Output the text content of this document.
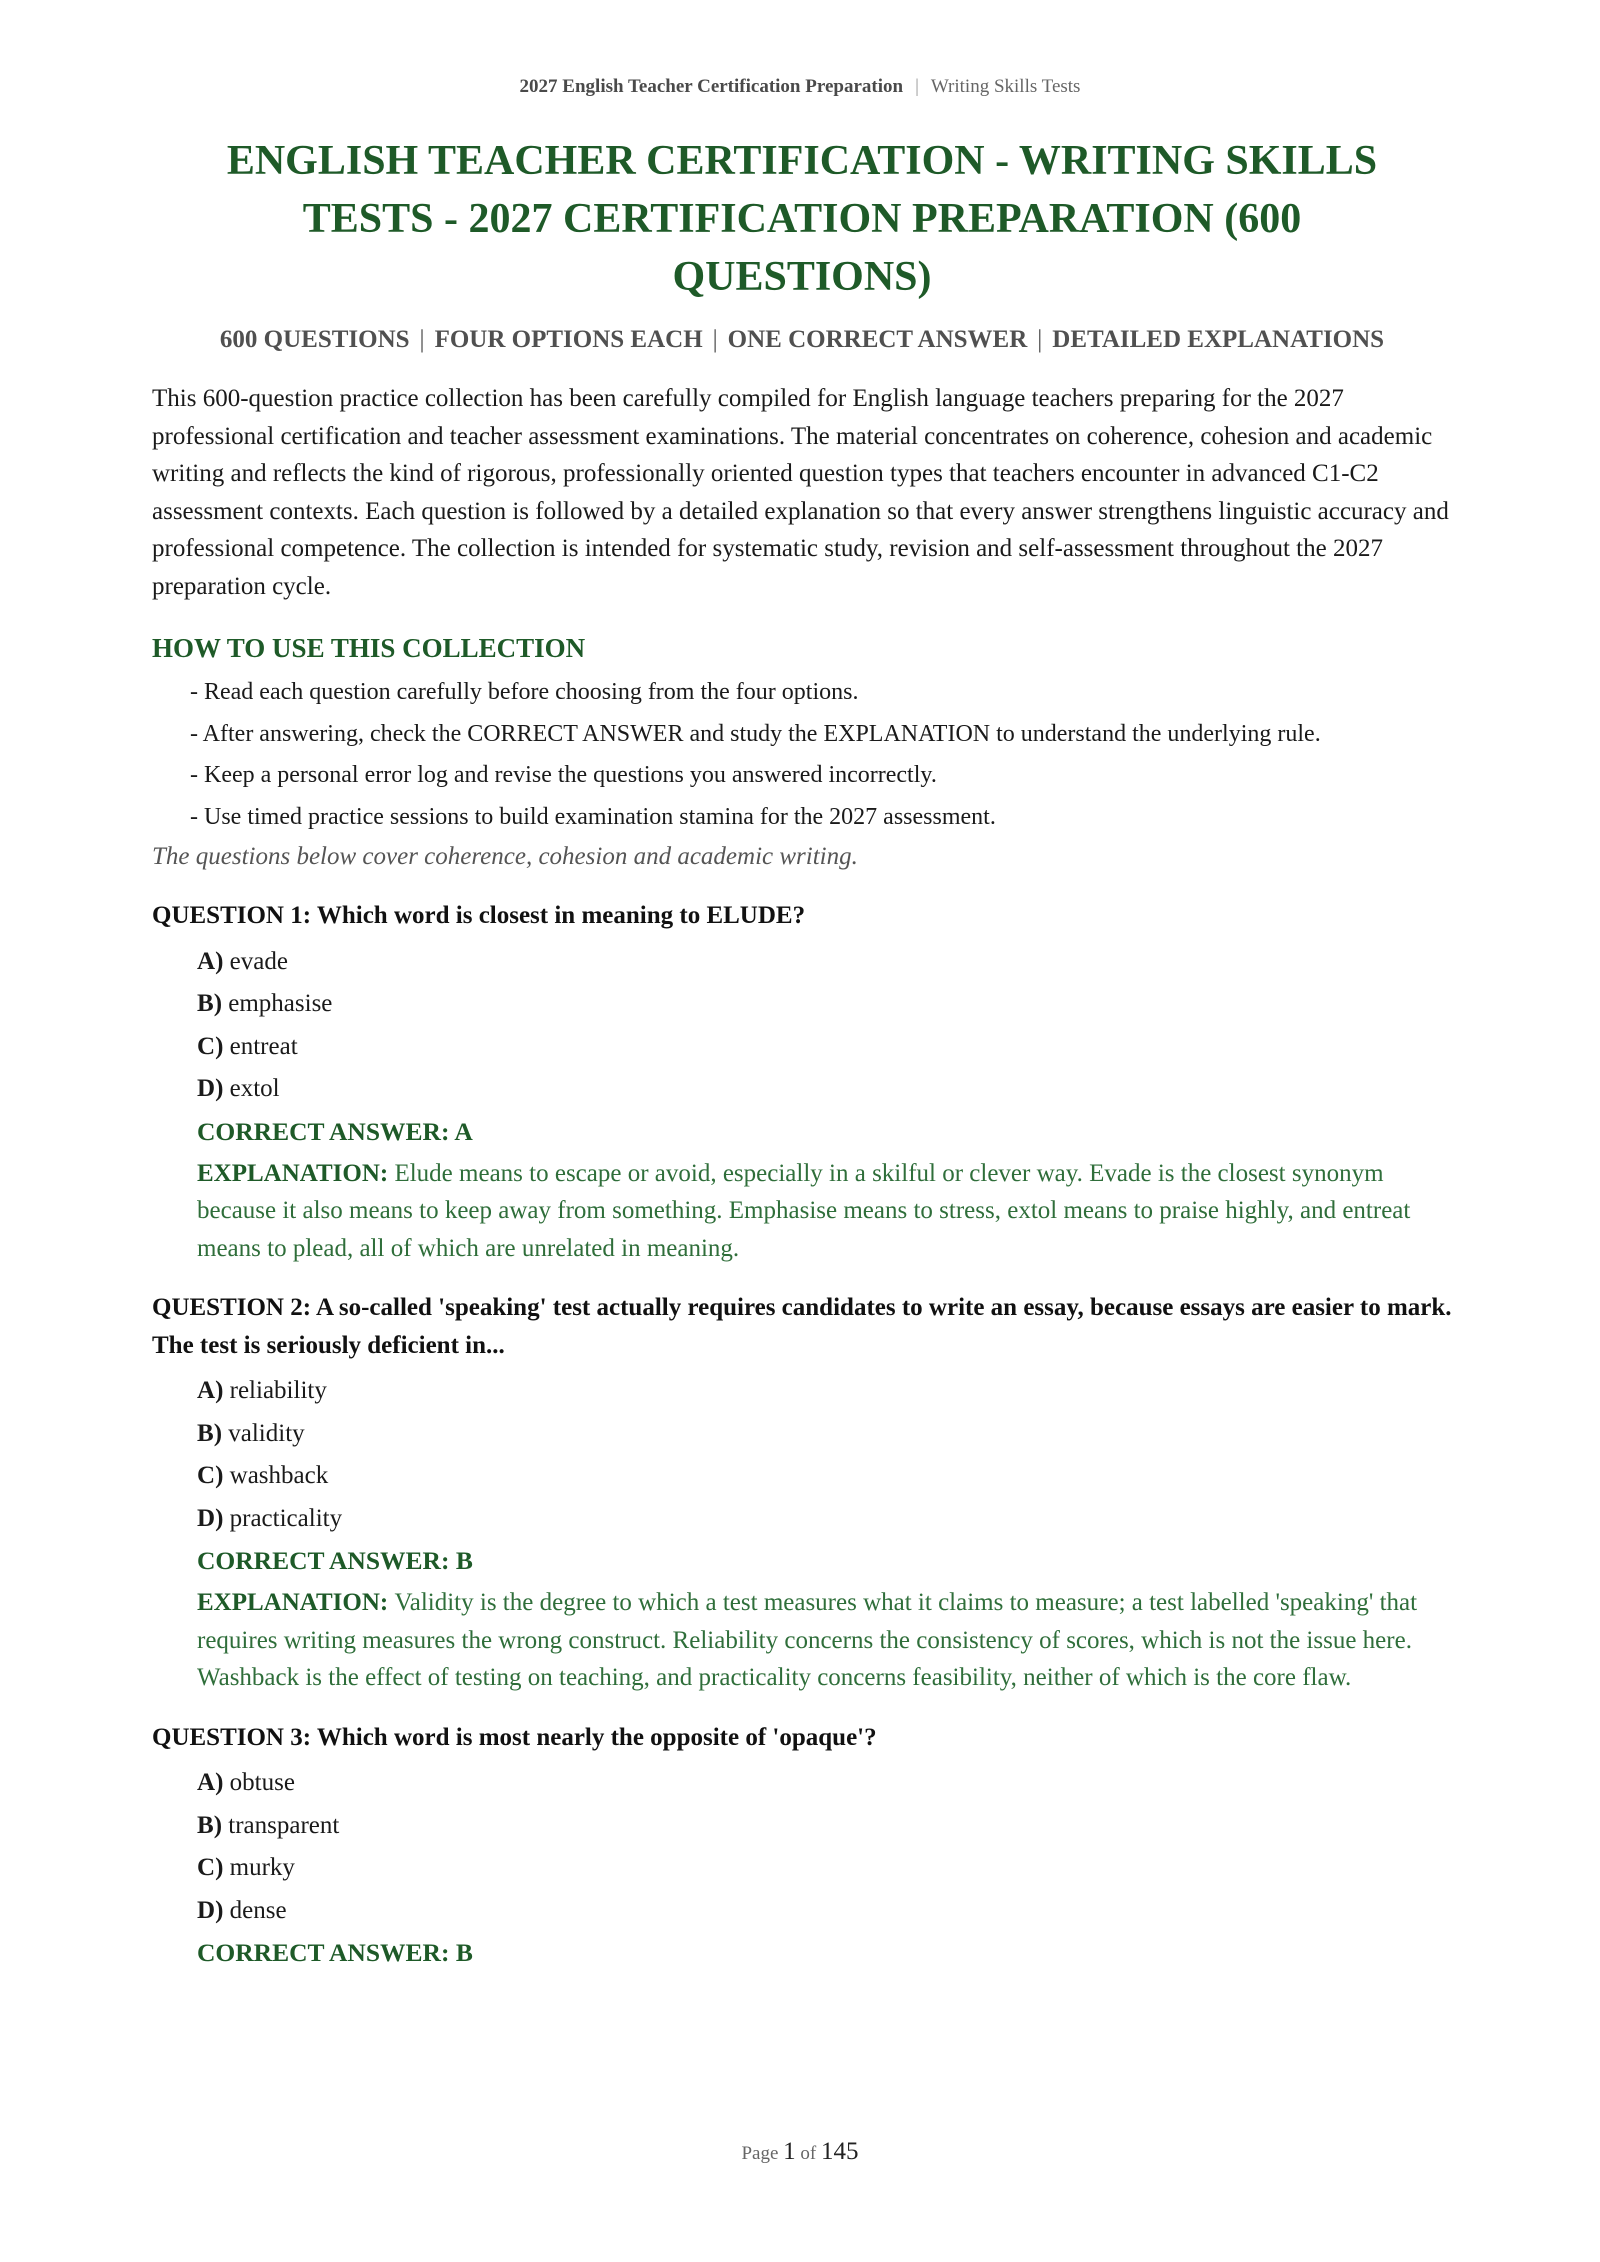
2027 English Teacher Certification Preparation | Writing Skills Tests
ENGLISH TEACHER CERTIFICATION - WRITING SKILLS TESTS - 2027 CERTIFICATION PREPARATION (600 QUESTIONS)
600 QUESTIONS | FOUR OPTIONS EACH | ONE CORRECT ANSWER | DETAILED EXPLANATIONS

This 600-question practice collection has been carefully compiled for English language teachers preparing for the 2027 professional certification and teacher assessment examinations. The material concentrates on coherence, cohesion and academic writing and reflects the kind of rigorous, professionally oriented question types that teachers encounter in advanced C1-C2 assessment contexts. Each question is followed by a detailed explanation so that every answer strengthens linguistic accuracy and professional competence. The collection is intended for systematic study, revision and self-assessment throughout the 2027 preparation cycle.

HOW TO USE THIS COLLECTION

- Read each question carefully before choosing from the four options.

- After answering, check the CORRECT ANSWER and study the EXPLANATION to understand the underlying rule.

- Keep a personal error log and revise the questions you answered incorrectly.

- Use timed practice sessions to build examination stamina for the 2027 assessment.

The questions below cover coherence, cohesion and academic writing.

QUESTION 1 : Which word is closest in meaning to ELUDE?

A ) evade

B ) emphasise

C ) entreat

D ) extol

CORRECT ANSWER: A

EXPLANATION: Elude means to escape or avoid, especially in a skilful or clever way. Evade is the closest synonym because it also means to keep away from something. Emphasise means to stress, extol means to praise highly, and entreat means to plead, all of which are unrelated in meaning.

QUESTION 2 : A so-called 'speaking' test actually requires candidates to write an essay, because essays are easier to mark. The test is seriously deficient in...

A ) reliability

B ) validity

C ) washback

D ) practicality

CORRECT ANSWER: B

EXPLANATION: Validity is the degree to which a test measures what it claims to measure; a test labelled 'speaking' that requires writing measures the wrong construct. Reliability concerns the consistency of scores, which is not the issue here. Washback is the effect of testing on teaching, and practicality concerns feasibility, neither of which is the core flaw.

QUESTION 3 : Which word is most nearly the opposite of 'opaque'?

A ) obtuse

B ) transparent

C ) murky

D ) dense

CORRECT ANSWER: B

Page 1 of 145
